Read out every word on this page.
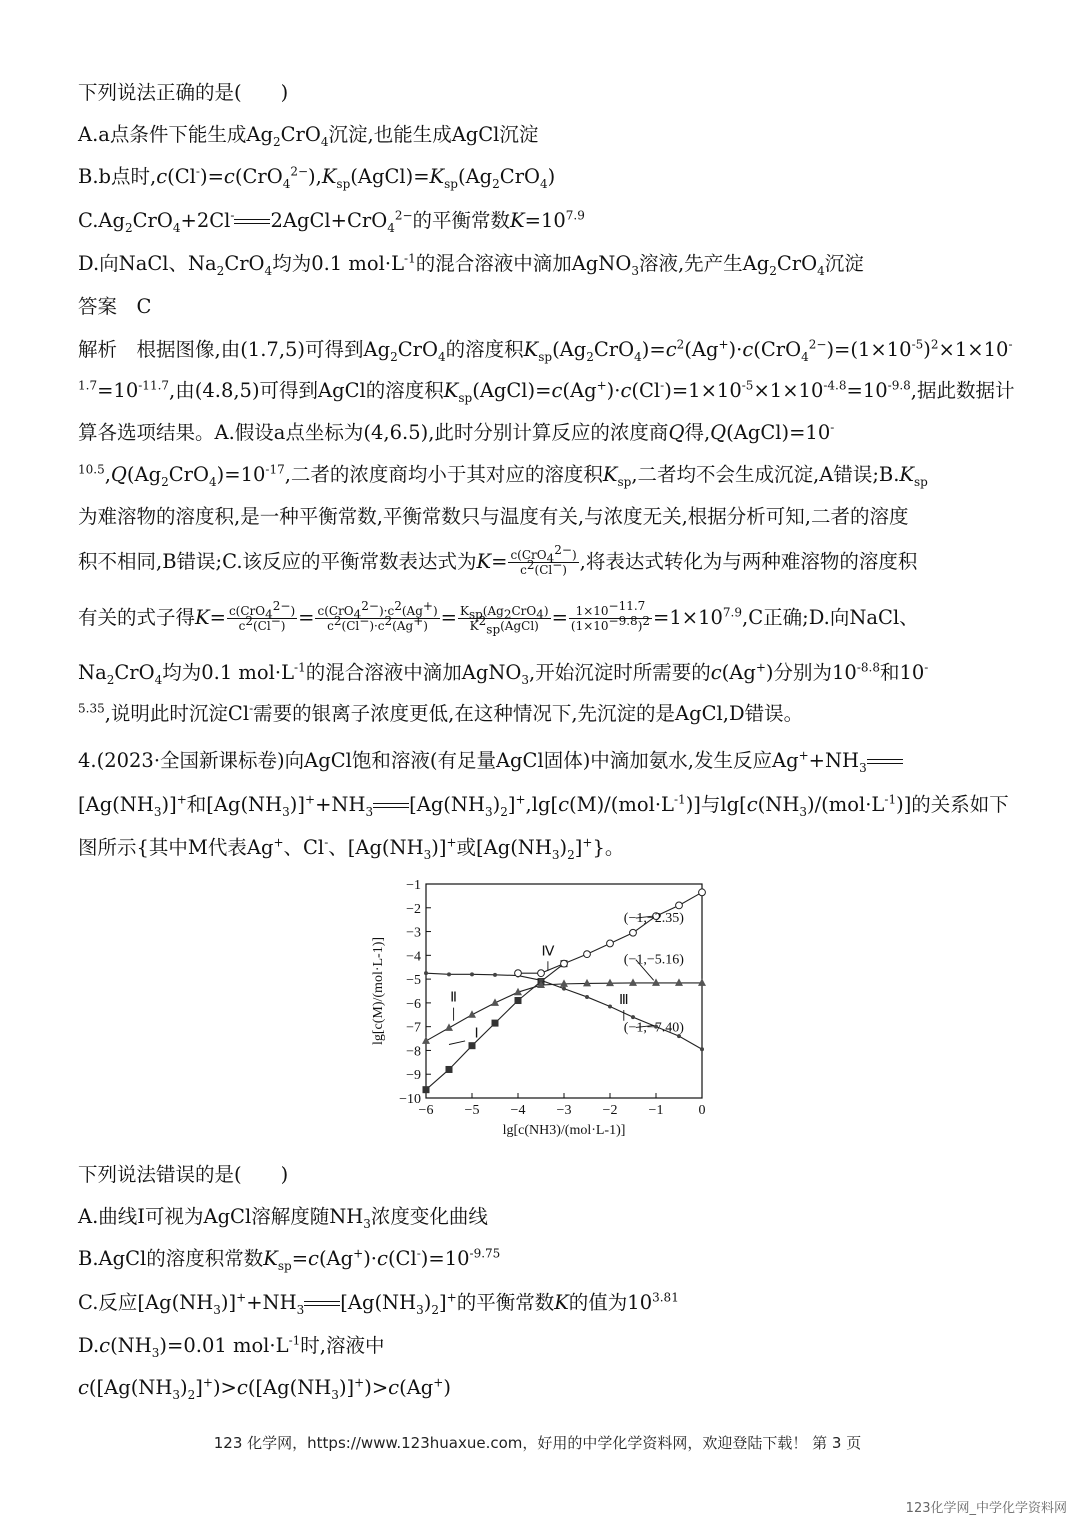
下列说法正确的是(　　)
A.a点条件下能生成$Ag_2CrO_4$沉淀,也能生成AgCl沉淀
B.b点时$,c(Cl^-)=c(CrO_4^{2-}),K_{sp}(AgCl)=K_{sp}(Ag_2CrO_4)$
$C.Ag_2CrO_4+2Cl^-$ 2AgCl+CrO$_4^{2-}$的平衡常数$K=10^{7.9}$
D.向NaCl、$Na_2CrO_4$均为0.1 $mol\cdot L^{-1}$的混合溶液中滴加AgNO$_3$溶液,先产生$Ag_2CrO_4$沉淀
答案　C
解析　根据图像,由(1.7,5)可得到$Ag_2CrO_4$的溶度积$K_{sp}(Ag_2CrO_4)=c^2(Ag^+)\cdot c(CrO_4^{2-})=(1\times 10^{-5})^2\times 1\times 10^-$
$^{1.7}=10^{-11.7}$,由(4.8,5)可得到AgCl的溶度积$K_{sp}(AgCl)=c(Ag^+)\cdot c(Cl^-)=1\times 10^{-5}\times 1\times 10^{-4.8}=10^{-9.8}$,据此数据计
算各选项结果。A.假设a点坐标为(4,6.5),此时分别计算反应的浓度商Q得,Q(AgCl)=10-
$^{10.5},Q(Ag_2CrO_4)=10^{-17}$,二者的浓度商均小于其对应的溶度积$K_{sp}$,二者均不会生成沉淀,A错误$;B.K_{sp}$
为难溶物的溶度积,是一种平衡常数,平衡常数只与温度有关,与浓度无关,根据分析可知,二者的溶度
积不相同,B错误;C.该反应的平衡常数表达式为$K= \frac{c(CrO_4^{2-})}{c^2(Cl^-)}$ ,将表达式转化为与两种难溶物的溶度积
有关的式子得$K= \frac{c(CrO_4^{2-})}{c^2(Cl^-)} = \frac{c(CrO_4^{2-})\cdot c^2(Ag^+)}{c^2(Cl^-)\cdot c^2(Ag^+)} = \frac{K_{sp}(Ag_2CrO_4)}{K^2_{sp}(AgCl)} = \frac{1\times 10^{-11.7}}{(1\times 10^{-9.8})^2} =1\times 10^{7.9},C$正确;D.向NaCl、
$Na_2CrO_4$均为0.1 $mol\cdot L^{-1}$的混合溶液中滴加AgNO$_3$,开始沉淀时所需要的c(Ag+)分别为$10^{-8.8}$和10-
$^{5.35}$,说明此时沉淀Cl-需要的银离子浓度更低,在这种情况下,先沉淀的是AgCl,D错误。
4.(2023·全国新课标卷)向AgCl饱和溶液(有足量AgCl固体)中滴加氨水,发生反应$Ag^++NH_3$
$[Ag(NH_3)]^+$和$[Ag(NH_3)]^++NH_3$ $[Ag(NH_3)_2]^+,\lg[c(M)/(mol\cdot L^{-1})]$与$\lg[c(NH_3)/(mol\cdot L^{-1})]$的关系如下
图所示{其中M代表Ag+、Cl-、$[Ag(NH_3)]^+$或$[Ag(NH_3)_2]^+$}。
−6 −5 −4 −3 −2 −1	0
−1
−2
−3
−4
−5
−6
−7
−8
−9
−10
lg[c(NH3)/(mol·L-1)]
lg[c(M)/(mol·L-1)]	Ⅰ
Ⅱ	Ⅲ
Ⅳ
(−1,−2.35)
(−1,−5.16)
(−1,−7.40)
下列说法错误的是(　　)
A.曲线Ⅰ可视为AgCl溶解度随$NH_3$浓度变化曲线
B.AgCl的溶度积常数$K_{sp}=c(Ag^+)\cdot c(Cl^-)=10^{-9.75}$
C.反应$[Ag(NH_3)]^++NH_3$ $[Ag(NH_3)_2]^+$的平衡常数K的值为$10^{3.81}$
$D.c(NH_3)=0.01$ $mol\cdot L^{-1}$时,溶液中
$c([Ag(NH_3)_2]^+)>c([Ag(NH_3)]^+)>c(Ag^+)$
123 化学网，https://www.123huaxue.com，好用的中学化学资料网，欢迎登陆下载！ 第 3 页
123化学网_中学化学资料网
